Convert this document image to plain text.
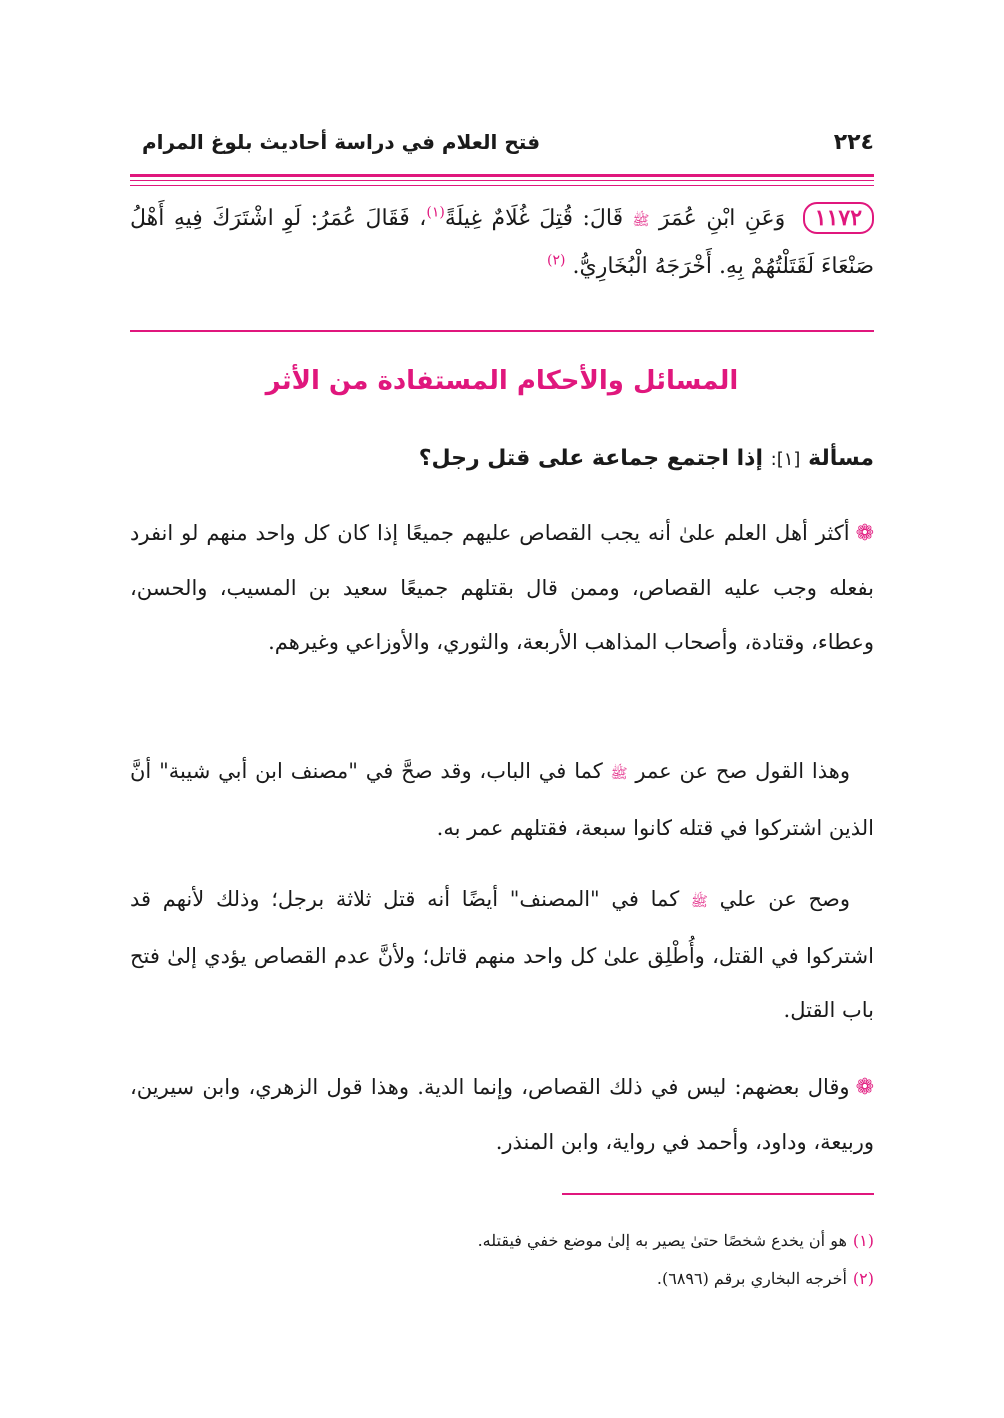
٢٢٤
فتح العلام في دراسة أحاديث بلوغ المرام
١١٧٢ وَعَنِ ابْنِ عُمَرَ ﷺ قَالَ: قُتِلَ غُلَامٌ غِيلَةً$^{(١)}$، فَقَالَ عُمَرُ: لَوِ اشْتَرَكَ فِيهِ أَهْلُ صَنْعَاءَ لَقَتَلْتُهُمْ بِهِ. أَخْرَجَهُ الْبُخَارِيُّ. $^{(٢)}$
المسائل والأحكام المستفادة من الأثر
مسألة [١]: إذا اجتمع جماعة على قتل رجل؟
❁أكثر أهل العلم علىٰ أنه يجب القصاص عليهم جميعًا إذا كان كل واحد منهم لو انفرد بفعله وجب عليه القصاص، وممن قال بقتلهم جميعًا سعيد بن المسيب، والحسن، وعطاء، وقتادة، وأصحاب المذاهب الأربعة، والثوري، والأوزاعي وغيرهم.
وهذا القول صح عن عمر ﷺ كما في الباب، وقد صحَّ في "مصنف ابن أبي شيبة" أنَّ الذين اشتركوا في قتله كانوا سبعة، فقتلهم عمر به.
وصح عن علي ﷺ كما في "المصنف" أيضًا أنه قتل ثلاثة برجل؛ وذلك لأنهم قد اشتركوا في القتل، وأُطْلِق علىٰ كل واحد منهم قاتل؛ ولأنَّ عدم القصاص يؤدي إلىٰ فتح باب القتل.
❁وقال بعضهم: ليس في ذلك القصاص، وإنما الدية. وهذا قول الزهري، وابن سيرين، وربيعة، وداود، وأحمد في رواية، وابن المنذر.
(١)هو أن يخدع شخصًا حتىٰ يصير به إلىٰ موضع خفي فيقتله.
(٢)أخرجه البخاري برقم (٦٨٩٦).
